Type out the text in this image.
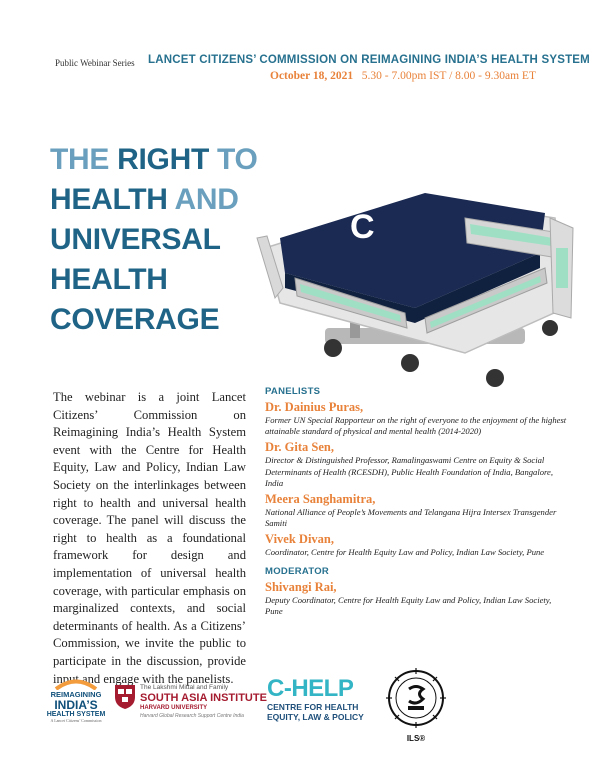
Public Webinar Series LANCET CITIZENS’ COMMISSION ON REIMAGINING INDIA’S HEALTH SYSTEM
October 18, 2021 5.30 - 7.00pm IST / 8.00 - 9.30am ET
THE RIGHT TO
HEALTH AND
UNIVERSAL
HEALTH
COVERAGE
C
The webinar is a joint Lancet Citizens’ Commission on Reimagining India’s Health System event with the Centre for Health Equity, Law and Policy, Indian Law Society on the interlinkages between right to health and universal health coverage. The panel will discuss the right to health as a foundational framework for design and implementation of universal health coverage, with particular emphasis on marginalized contexts, and social determinants of health. As a Citizens’ Commission, we invite the public to participate in the discussion, provide input and engage with the panelists.
PANELISTS
Dr. Dainius Puras,
Former UN Special Rapporteur on the right of everyone to the enjoyment of the highest attainable standard of physical and mental health (2014-2020)
Dr. Gita Sen,
Director & Distinguished Professor, Ramalingaswami Centre on Equity & Social Determinants of Health (RCESDH), Public Health Foundation of India, Bangalore, India
Meera Sanghamitra,
National Alliance of People’s Movements and Telangana Hijra Intersex Transgender Samiti
Vivek Divan,
Coordinator, Centre for Health Equity Law and Policy, Indian Law Society, Pune
MODERATOR
Shivangi Rai,
Deputy Coordinator, Centre for Health Equity Law and Policy, Indian Law Society, Pune
REIMAGINING
INDIA’S
HEALTH SYSTEM
A Lancet Citizens’ Commission
The Lakshmi Mittal and Family
SOUTH ASIA INSTITUTE
HARVARD UNIVERSITY
Harvard Global Research Support Centre India
C-HELP
CENTRE FOR HEALTH
EQUITY, LAW & POLICY
ILS®
